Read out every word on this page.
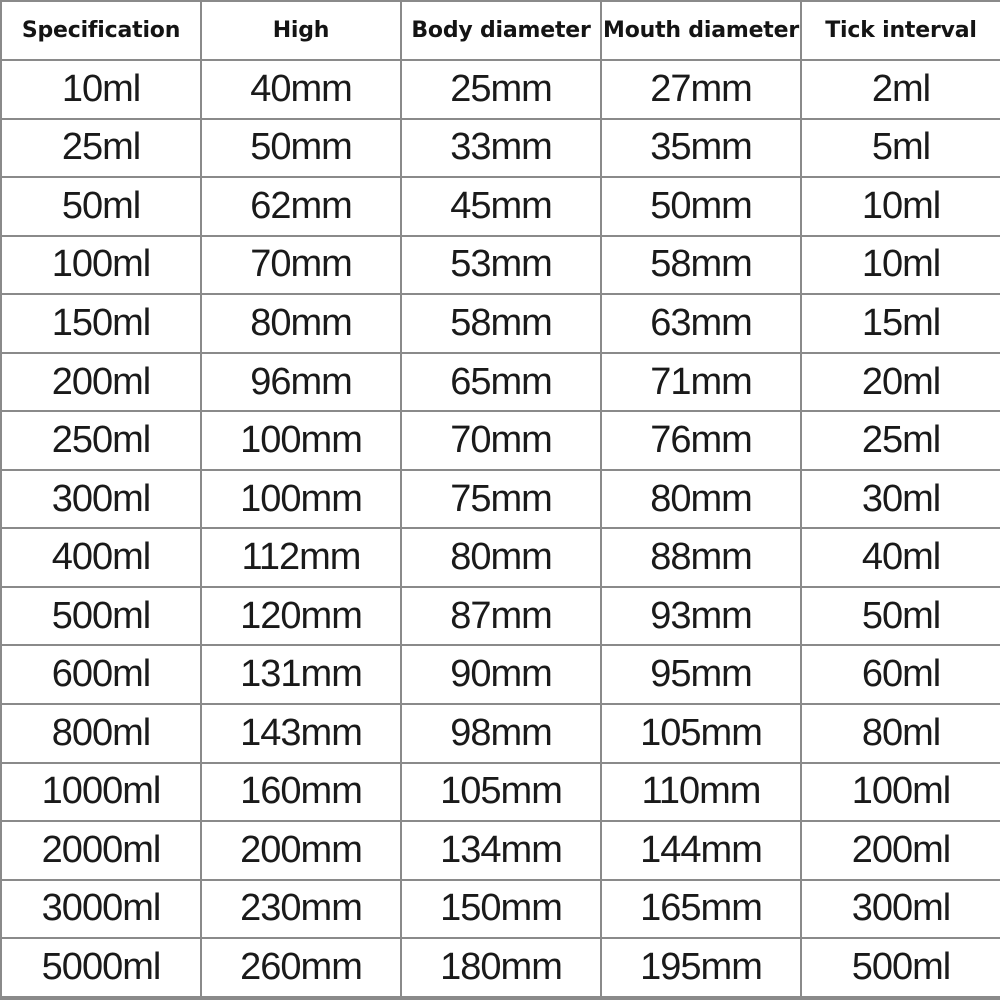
Specification	High	Body diameter	Mouth diameter	Tick interval
10ml	40mm	25mm	27mm	2ml
25ml	50mm	33mm	35mm	5ml
50ml	62mm	45mm	50mm	10ml
100ml	70mm	53mm	58mm	10ml
150ml	80mm	58mm	63mm	15ml
200ml	96mm	65mm	71mm	20ml
250ml	100mm	70mm	76mm	25ml
300ml	100mm	75mm	80mm	30ml
400ml	112mm	80mm	88mm	40ml
500ml	120mm	87mm	93mm	50ml
600ml	131mm	90mm	95mm	60ml
800ml	143mm	98mm	105mm	80ml
1000ml	160mm	105mm	110mm	100ml
2000ml	200mm	134mm	144mm	200ml
3000ml	230mm	150mm	165mm	300ml
5000ml	260mm	180mm	195mm	500ml
